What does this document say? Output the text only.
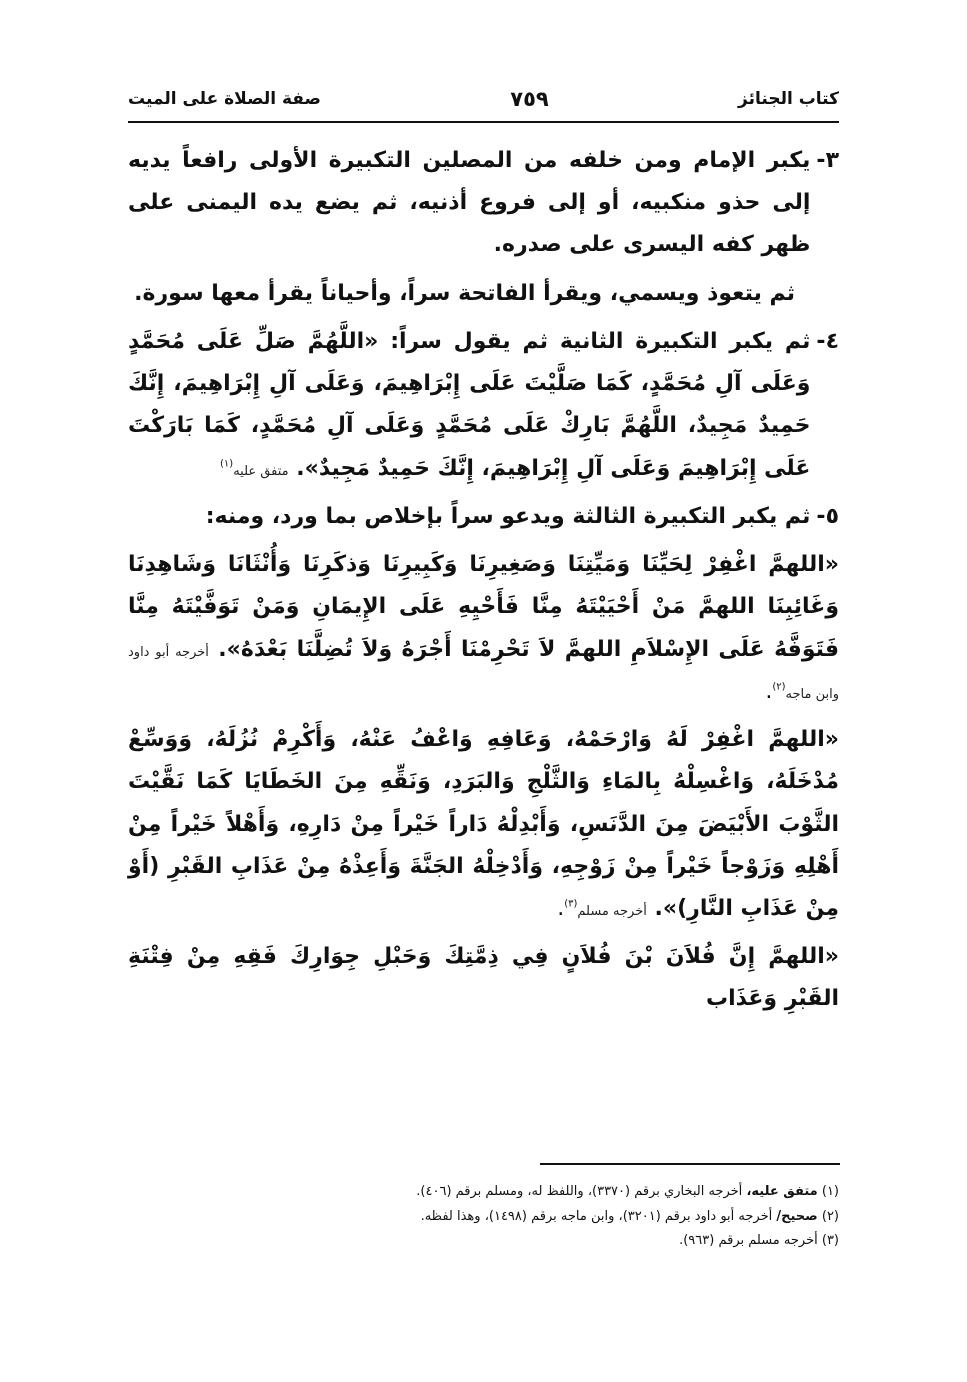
كتاب الجنائز
٧٥٩
صفة الصلاة على الميت
٣-
يكبر الإمام ومن خلفه من المصلين التكبيرة الأولى رافعاً يديه إلى حذو منكبيه، أو إلى فروع أذنيه، ثم يضع يده اليمنى على ظهر كفه اليسرى على صدره.
ثم يتعوذ ويسمي، ويقرأ الفاتحة سراً، وأحياناً يقرأ معها سورة.
٤-
ثم يكبر التكبيرة الثانية ثم يقول سراً: «اللَّهُمَّ صَلِّ عَلَى مُحَمَّدٍ وَعَلَى آلِ مُحَمَّدٍ، كَمَا صَلَّيْتَ عَلَى إِبْرَاهِيمَ، وَعَلَى آلِ إِبْرَاهِيمَ، إِنَّكَ حَمِيدٌ مَجِيدٌ، اللَّهُمَّ بَارِكْ عَلَى مُحَمَّدٍ وَعَلَى آلِ مُحَمَّدٍ، كَمَا بَارَكْتَ عَلَى إِبْرَاهِيمَ وَعَلَى آلِ إِبْرَاهِيمَ، إِنَّكَ حَمِيدٌ مَجِيدٌ». متفق عليه$^{(١)}$
٥-
ثم يكبر التكبيرة الثالثة ويدعو سراً بإخلاص بما ورد، ومنه:
«اللهمَّ اغْفِرْ لِحَيِّنَا وَمَيِّتِنَا وَصَغِيرِنَا وَكَبِيرِنَا وَذكَرِنَا وَأُنْثَانَا وَشَاهِدِنَا وَغَائِبِنَا اللهمَّ مَنْ أَحْيَيْتَهُ مِنَّا فَأَحْيِهِ عَلَى الإِيمَانِ وَمَنْ تَوَفَّيْتَهُ مِنَّا فَتَوَفَّهُ عَلَى الإِسْلاَمِ اللهمَّ لاَ تَحْرِمْنَا أَجْرَهُ وَلاَ تُضِلَّنَا بَعْدَهُ». أخرجه أبو داود وابن ماجه$^{(٢)}$.
«اللهمَّ اغْفِرْ لَهُ وَارْحَمْهُ، وَعَافِهِ وَاعْفُ عَنْهُ، وَأَكْرِمْ نُزُلَهُ، وَوَسِّعْ مُدْخَلَهُ، وَاغْسِلْهُ بِالمَاءِ وَالثَّلْجِ وَالبَرَدِ، وَنَقِّهِ مِنَ الخَطَايَا كَمَا نَقَّيْتَ الثَّوْبَ الأَبْيَضَ مِنَ الدَّنَسِ، وَأَبْدِلْهُ دَاراً خَيْراً مِنْ دَارِهِ، وَأَهْلاً خَيْراً مِنْ أَهْلِهِ وَزَوْجاً خَيْراً مِنْ زَوْجِهِ، وَأَدْخِلْهُ الجَنَّةَ وَأَعِذْهُ مِنْ عَذَابِ القَبْرِ (أَوْ مِنْ عَذَابِ النَّارِ)». أخرجه مسلم$^{(٣)}$.
«اللهمَّ إِنَّ فُلاَنَ بْنَ فُلاَنٍ فِي ذِمَّتِكَ وَحَبْلِ جِوَارِكَ فَقِهِ مِنْ فِتْنَةِ القَبْرِ وَعَذَاب
(١) متفق عليه، أخرجه البخاري برقم (٣٣٧٠)، واللفظ له، ومسلم برقم (٤٠٦).
(٢) صحيح/ أخرجه أبو داود برقم (٣٢٠١)، وابن ماجه برقم (١٤٩٨)، وهذا لفظه.
(٣) أخرجه مسلم برقم (٩٦٣).
